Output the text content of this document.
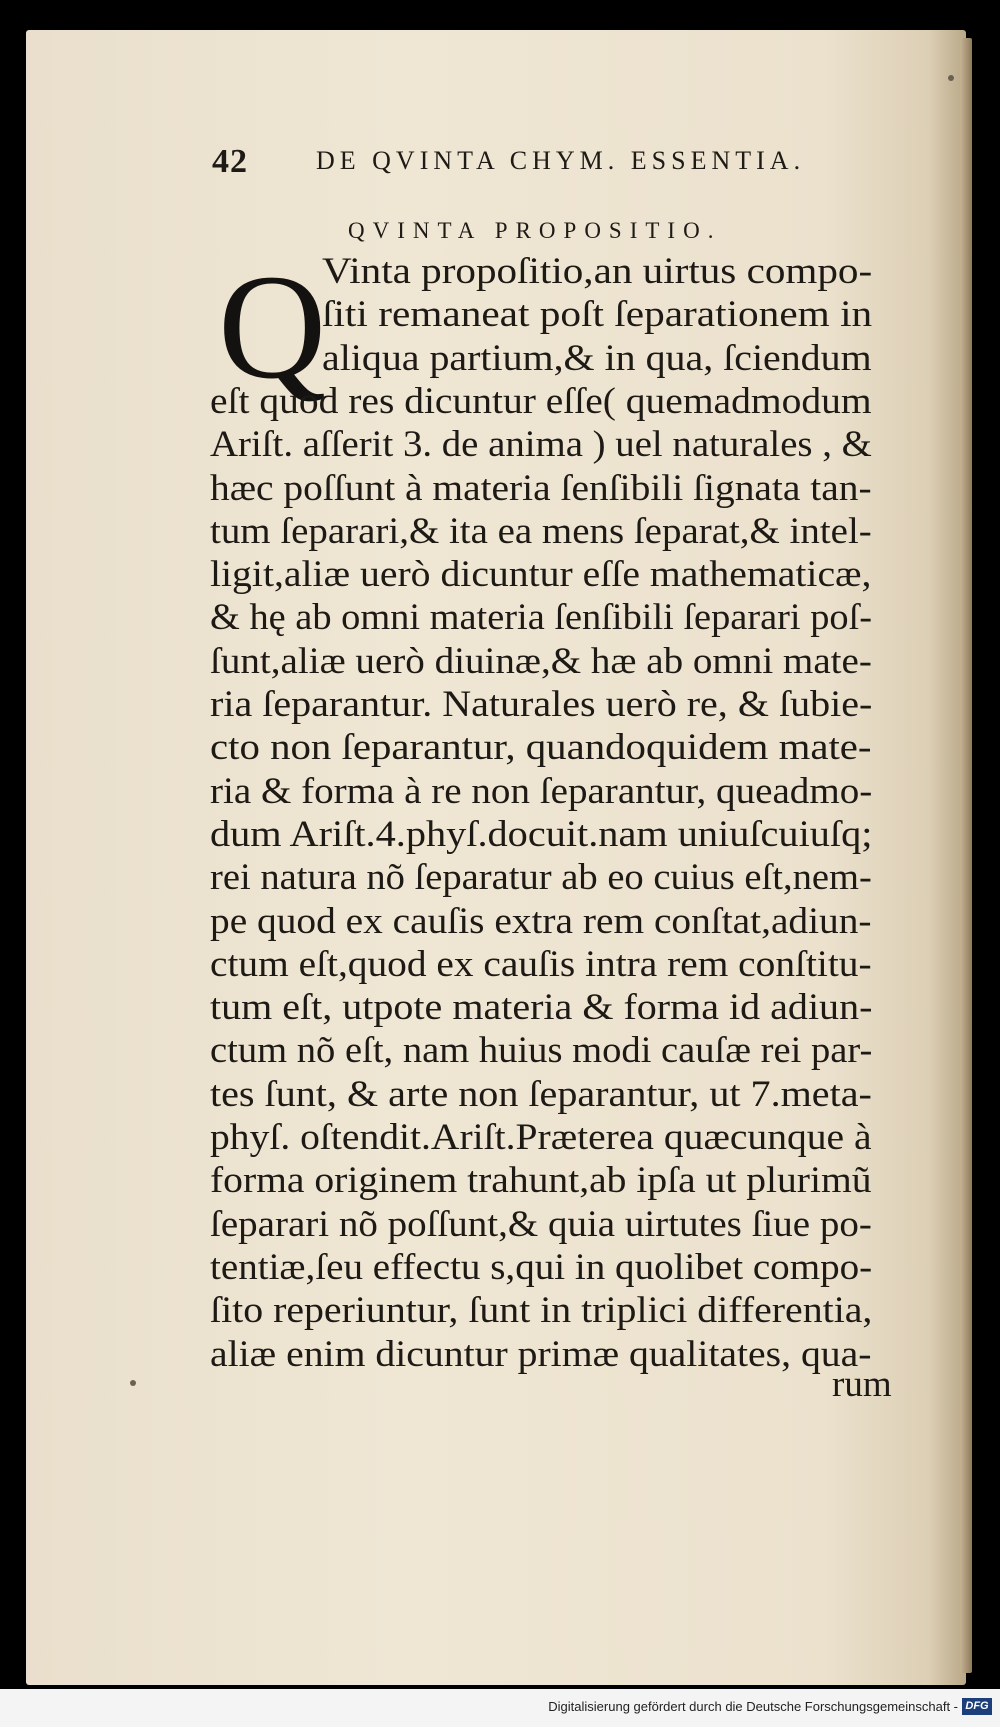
42	DE QVINTA CHYM. ESSENTIA.
QVINTA PROPOSITIO.
Q
Vinta propoſitio,an uirtus compo-
ſiti remaneat poſt ſeparationem in
aliqua partium,& in qua, ſciendum
eſt quod res dicuntur eſſe( quemadmodum
Ariſt. aſſerit 3. de anima ) uel naturales , &
hæc poſſunt à materia ſenſibili ſignata tan-
tum ſeparari,& ita ea mens ſeparat,& intel-
ligit,aliæ uerò dicuntur eſſe mathematicæ,
& hę ab omni materia ſenſibili ſeparari poſ-
ſunt,aliæ uerò diuinæ,& hæ ab omni mate-
ria ſeparantur. Naturales uerò re, & ſubie-
cto non ſeparantur, quandoquidem mate-
ria & forma à re non ſeparantur, queadmo-
dum Ariſt.4.phyſ.docuit.nam uniuſcuiuſq;
rei natura nõ ſeparatur ab eo cuius eſt,nem-
pe quod ex cauſis extra rem conſtat,adiun-
ctum eſt,quod ex cauſis intra rem conſtitu-
tum eſt, utpote materia & forma id adiun-
ctum nõ eſt, nam huius modi cauſæ rei par-
tes ſunt, & arte non ſeparantur, ut 7.meta-
phyſ. oſtendit.Ariſt.Præterea quæcunque à
forma originem trahunt,ab ipſa ut plurimũ
ſeparari nõ poſſunt,& quia uirtutes ſiue po-
tentiæ,ſeu effectu s,qui in quolibet compo-
ſito reperiuntur, ſunt in triplici differentia,
aliæ enim dicuntur primæ qualitates, qua-
rum
Digitalisierung gefördert durch die Deutsche Forschungsgemeinschaft - DFG
